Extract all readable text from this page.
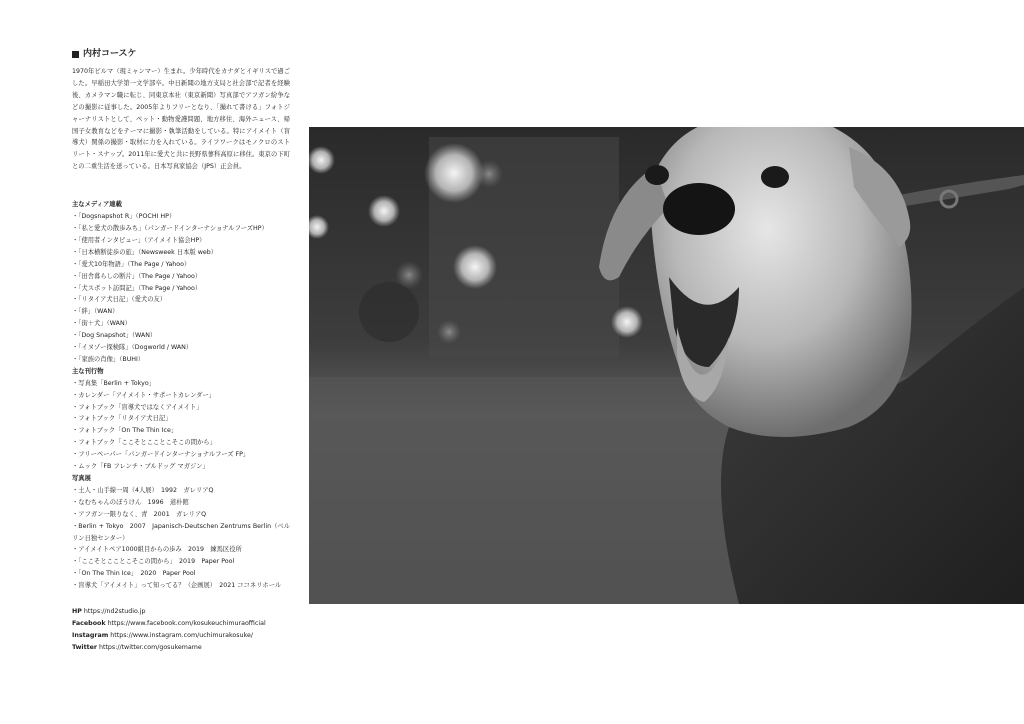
内村コースケ

1970年ビルマ（現ミャンマー）生まれ。少年時代をカナダとイギリスで過ごした。早稲田大学第一文学部卒。中日新聞の地方支局と社会部で記者を経験後、カメラマン職に転じ、同東京本社（東京新聞）写真部でアフガン紛争などの撮影に従事した。2005年よりフリーとなり、「撮れて書ける」フォトジャーナリストとして、ペット・動物愛護問題、地方移住、海外ニュース、帰国子女教育などをテーマに撮影・執筆活動をしている。特にアイメイト（盲導犬）関係の撮影・取材に力を入れている。ライフワークはモノクロのストリート・スナップ。2011年に愛犬と共に長野県蓼科高原に移住。東京の下町との二重生活を送っている。日本写真家協会（JPS）正会員。

主なメディア連載
・「Dogsnapshot R」（POCHI HP）
・「私と愛犬の散歩みち」（パンガードインターナショナルフーズHP）
・「使用者インタビュー」（アイメイト協会HP）
・「日本横断徒歩の旅」（Newsweek 日本版 web）
・「愛犬10年物語」（The Page / Yahoo）
・「田舎暮らしの断片」（The Page / Yahoo）
・「犬スポット訪問記」（The Page / Yahoo）
・「リタイア犬日記」（愛犬の友）
・「絆」（WAN）
・「街＋犬」（WAN）
・「Dog Snapshot」（WAN）
・「イヌゾー探検隊」（Dogworld / WAN）
・「家族の肖像」（BUHI）
主な刊行物
・写真集「Berlin + Tokyo」
・カレンダー「アイメイト・サポートカレンダー」
・フォトブック「盲導犬ではなくアイメイト」
・フォトブック「リタイア犬日記」
・フォトブック「On The Thin Ice」
・フォトブック「ここそとこことこそこの間から」
・フリーペーパー「パンガードインターナショナルフーズ FP」
・ムック「FB フレンチ・ブルドッグ マガジン」
写真展
・土人・山手線一周（4人展）　1992　ガレリアQ
・なむちゃんのぼうけん　1996　道朴館
・アフガン一限りなく、青　2001　ガレリアQ
・Berlin + Tokyo　2007　Japanisch-Deutschen Zentrums Berlin（ベルリン日独センター）
・アイメイトペア1000組目からの歩み　2019　練馬区役所
・「ここそとこことこそこの間から」　2019　Paper Pool
・「On The Thin Ice」　2020　Paper Pool
・盲導犬「アイメイト」って知ってる？（企画展）　2021 ココネリホール
HP https://nd2studio.jp
Facebook https://www.facebook.com/kosukeuchimuraofficial
Instagram https://www.instagram.com/uchimurakosuke/
Twitter https://twitter.com/gosukemame
